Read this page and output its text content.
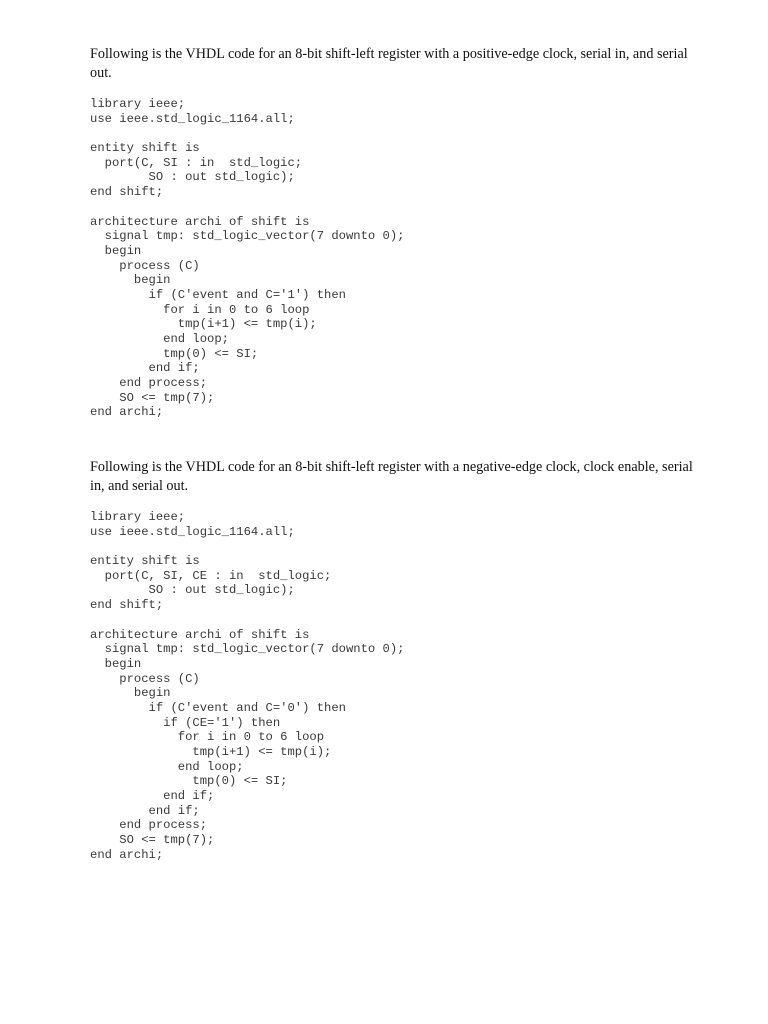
Following is the VHDL code for an 8-bit shift-left register with a positive-edge clock, serial in, and serial out.

library ieee;
use ieee.std_logic_1164.all;
entity shift is
port(C, SI : in  std_logic;
SO : out std_logic);
end shift;
architecture archi of shift is
signal tmp: std_logic_vector(7 downto 0);
begin
process (C)
begin
if (C'event and C='1') then
for i in 0 to 6 loop
tmp(i+1) <= tmp(i);
end loop;
tmp(0) <= SI;
end if;
end process;
SO <= tmp(7);
end archi;

Following is the VHDL code for an 8-bit shift-left register with a negative-edge clock, clock enable, serial in, and serial out.

library ieee;
use ieee.std_logic_1164.all;
entity shift is
port(C, SI, CE : in  std_logic;
SO : out std_logic);
end shift;
architecture archi of shift is
signal tmp: std_logic_vector(7 downto 0);
begin
process (C)
begin
if (C'event and C='0') then
if (CE='1') then
for i in 0 to 6 loop
tmp(i+1) <= tmp(i);
end loop;
tmp(0) <= SI;
end if;
end if;
end process;
SO <= tmp(7);
end archi;
